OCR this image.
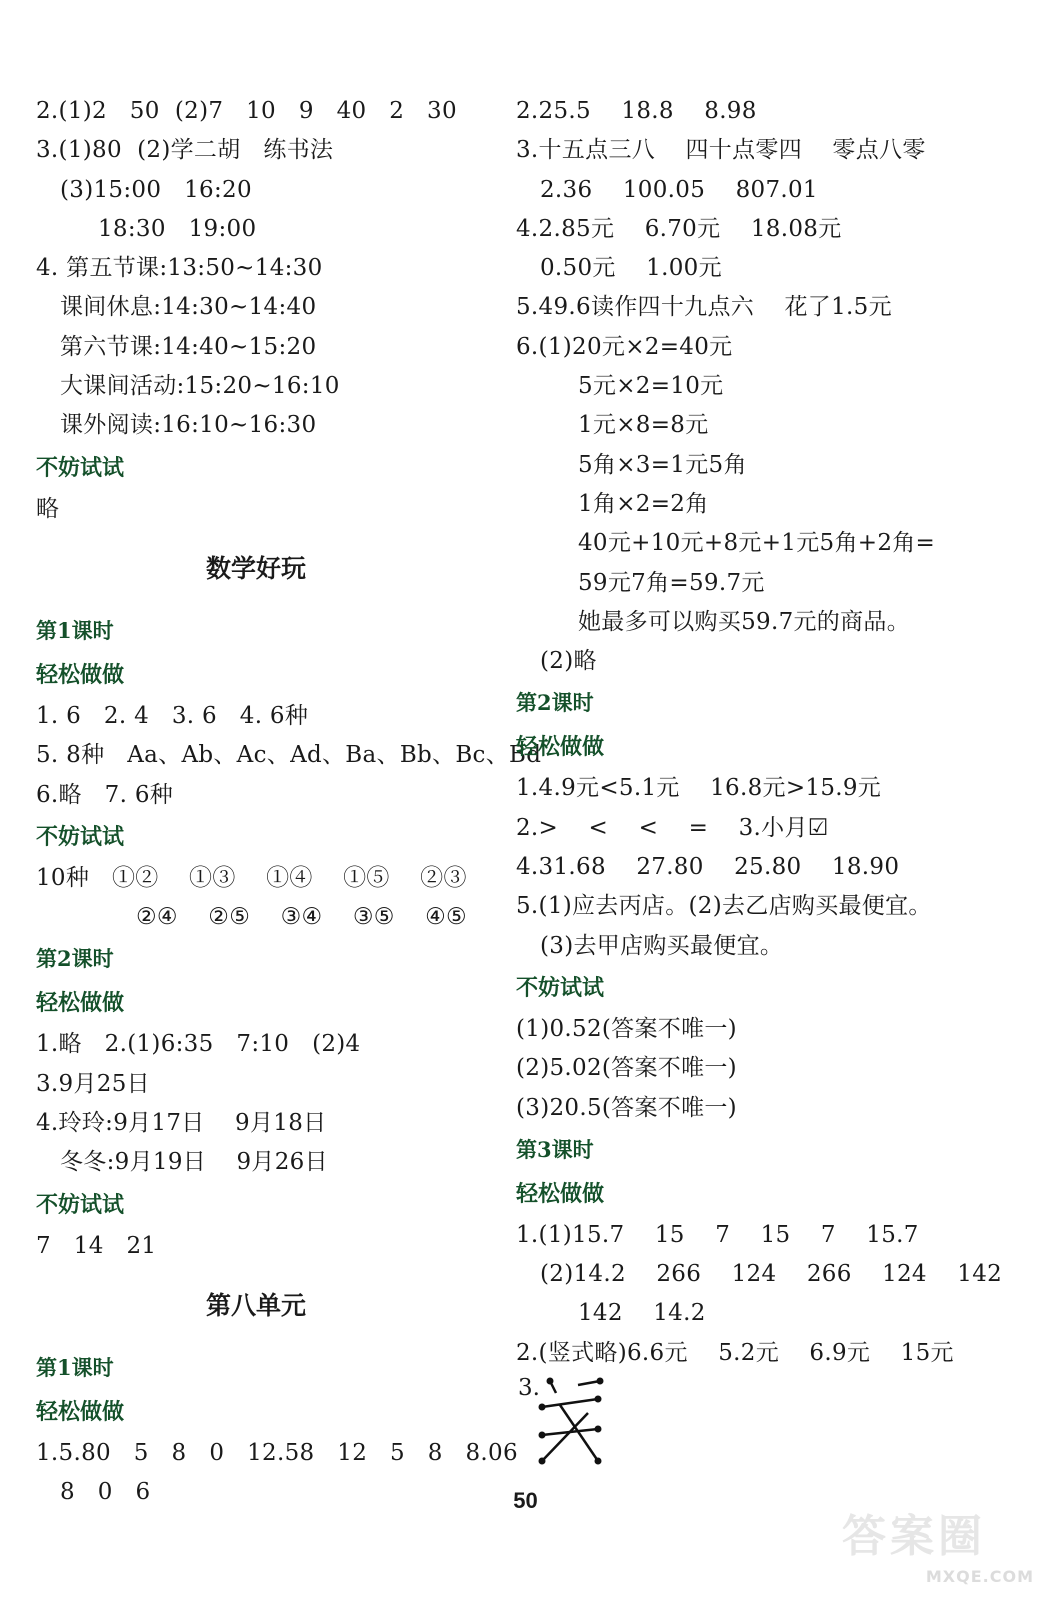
2.(1)2   50  (2)7   10   9   40   2   30
3.(1)80  (2)学二胡   练书法
(3)15:00   16:20
18:30   19:00
4. 第五节课:13:50~14:30
课间休息:14:30~14:40
第六节课:14:40~15:20
大课间活动:15:20~16:10
课外阅读:16:10~16:30
不妨试试
略
数学好玩
第1课时
轻松做做
1. 6   2. 4   3. 6   4. 6种
5. 8种   Aa、Ab、Ac、Ad、Ba、Bb、Bc、Bd
6.略   7. 6种
不妨试试
10种   ①②    ①③    ①④    ①⑤    ②③
②④    ②⑤    ③④    ③⑤    ④⑤
第2课时
轻松做做
1.略   2.(1)6:35   7:10   (2)4
3.9月25日
4.玲玲:9月17日    9月18日
冬冬:9月19日    9月26日
不妨试试
7   14   21
第八单元
第1课时
轻松做做
1.5.80   5   8   0   12.58   12   5   8   8.06
8   0   6
2.25.5    18.8    8.98
3.十五点三八    四十点零四    零点八零
2.36    100.05    807.01
4.2.85元    6.70元    18.08元
0.50元    1.00元
5.49.6读作四十九点六    花了1.5元
6.(1)20元×2=40元
5元×2=10元
1元×8=8元
5角×3=1元5角
1角×2=2角
40元+10元+8元+1元5角+2角=
59元7角=59.7元
她最多可以购买59.7元的商品。
(2)略
第2课时
轻松做做
1.4.9元<5.1元    16.8元>15.9元
2.>    <    <    =    3.小月☑
4.31.68    27.80    25.80    18.90
5.(1)应去丙店。(2)去乙店购买最便宜。
(3)去甲店购买最便宜。
不妨试试
(1)0.52(答案不唯一)
(2)5.02(答案不唯一)
(3)20.5(答案不唯一)
第3课时
轻松做做
1.(1)15.7    15    7    15    7    15.7
(2)14.2    266    124    266    124    142
142    14.2
2.(竖式略)6.6元    5.2元    6.9元    15元
3.
50
答案圈
MXQE.COM
